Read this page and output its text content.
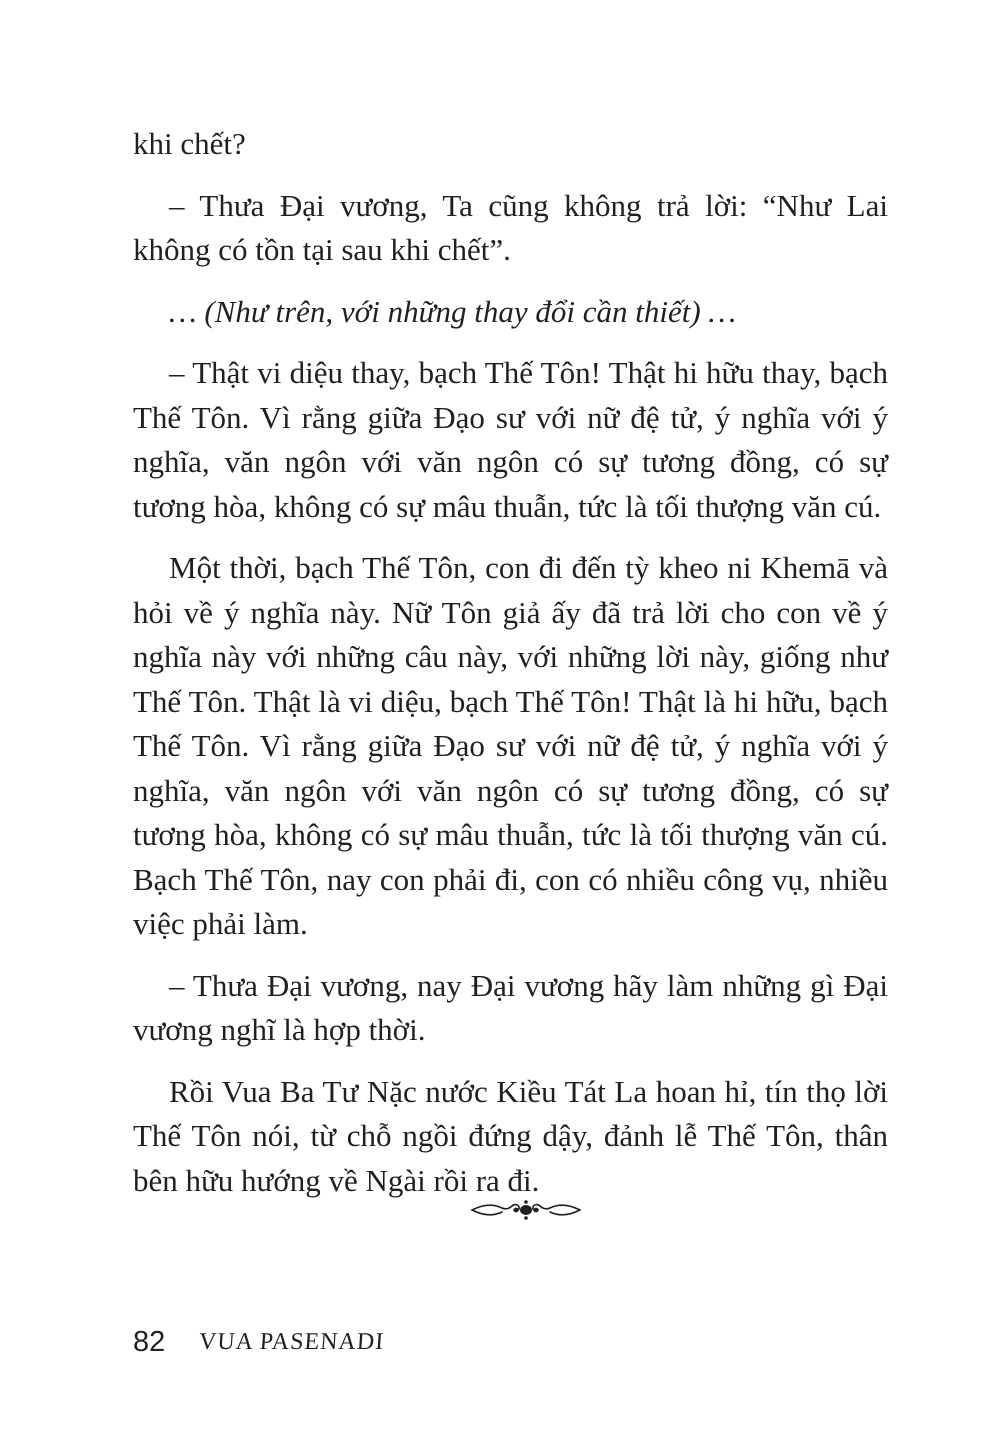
khi chết?

– Thưa Đại vương, Ta cũng không trả lời: “Như Lai không có tồn tại sau khi chết”.

… (Như trên, với những thay đổi cần thiết) …

– Thật vi diệu thay, bạch Thế Tôn! Thật hi hữu thay, bạch Thế Tôn. Vì rằng giữa Đạo sư với nữ đệ tử, ý nghĩa với ý nghĩa, văn ngôn với văn ngôn có sự tương đồng, có sự tương hòa, không có sự mâu thuẫn, tức là tối thượng văn cú.

Một thời, bạch Thế Tôn, con đi đến tỳ kheo ni Khemā và hỏi về ý nghĩa này. Nữ Tôn giả ấy đã trả lời cho con về ý nghĩa này với những câu này, với những lời này, giống như Thế Tôn. Thật là vi diệu, bạch Thế Tôn! Thật là hi hữu, bạch Thế Tôn. Vì rằng giữa Đạo sư với nữ đệ tử, ý nghĩa với ý nghĩa, văn ngôn với văn ngôn có sự tương đồng, có sự tương hòa, không có sự mâu thuẫn, tức là tối thượng văn cú. Bạch Thế Tôn, nay con phải đi, con có nhiều công vụ, nhiều việc phải làm.

– Thưa Đại vương, nay Đại vương hãy làm những gì Đại vương nghĩ là hợp thời.

Rồi Vua Ba Tư Nặc nước Kiều Tát La hoan hỉ, tín thọ lời Thế Tôn nói, từ chỗ ngồi đứng dậy, đảnh lễ Thế Tôn, thân bên hữu hướng về Ngài rồi ra đi.

82 VUA PASENADI
